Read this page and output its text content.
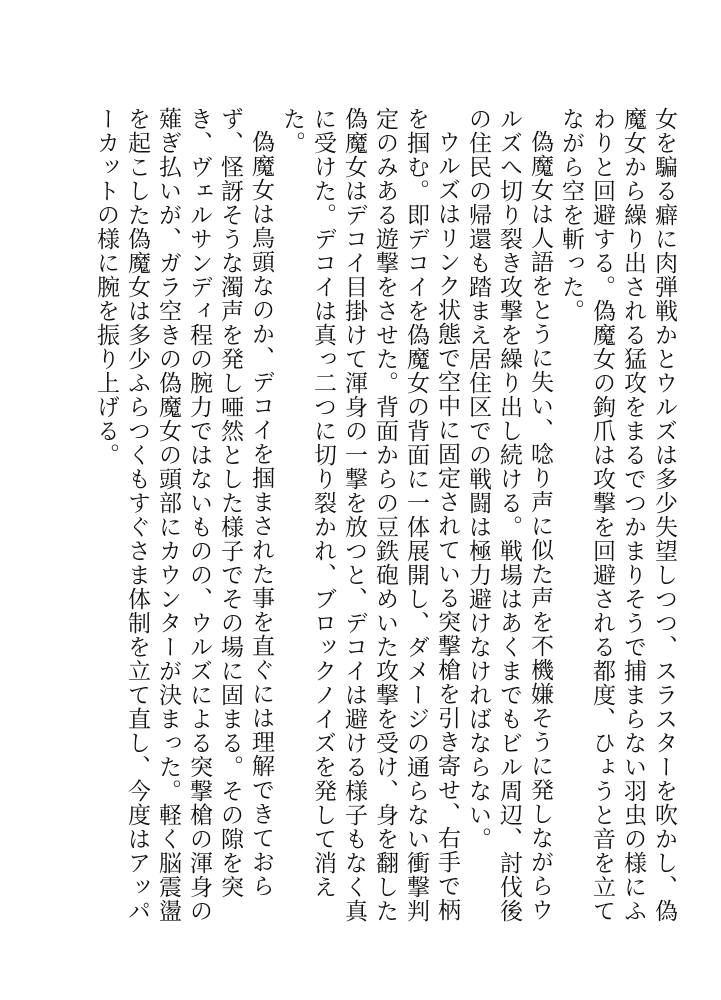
女を騙る癖に肉弾戦かとウルズは多少失望しつつ、スラスターを吹かし、偽魔女から繰り出される猛攻をまるでつかまりそうで捕まらない羽虫の様にふわりと回避する。偽魔女の鉤爪は攻撃を回避される都度、ひょうと音を立てながら空を斬った。

偽魔女は人語をとうに失い、唸り声に似た声を不機嫌そうに発しながらウルズへ切り裂き攻撃を繰り出し続ける。戦場はあくまでもビル周辺、討伐後の住民の帰還も踏まえ居住区での戦闘は極力避けなければならない。

ウルズはリンク状態で空中に固定されている突撃槍を引き寄せ、右手で柄を掴む。即デコイを偽魔女の背面に一体展開し、ダメージの通らない衝撃判定のみある遊撃をさせた。背面からの豆鉄砲めいた攻撃を受け、身を翻した偽魔女はデコイ目掛けて渾身の一撃を放つと、デコイは避ける様子もなく真に受けた。デコイは真っ二つに切り裂かれ、ブロックノイズを発して消えた。

偽魔女は鳥頭なのか、デコイを掴まされた事を直ぐには理解できておらず、怪訝そうな濁声を発し唖然とした様子でその場に固まる。その隙を突き、ヴェルサンディ程の腕力ではないものの、ウルズによる突撃槍の渾身の薙ぎ払いが、ガラ空きの偽魔女の頭部にカウンターが決まった。軽く脳震盪を起こした偽魔女は多少ふらつくもすぐさま体制を立て直し、今度はアッパーカットの様に腕を振り上げる。
